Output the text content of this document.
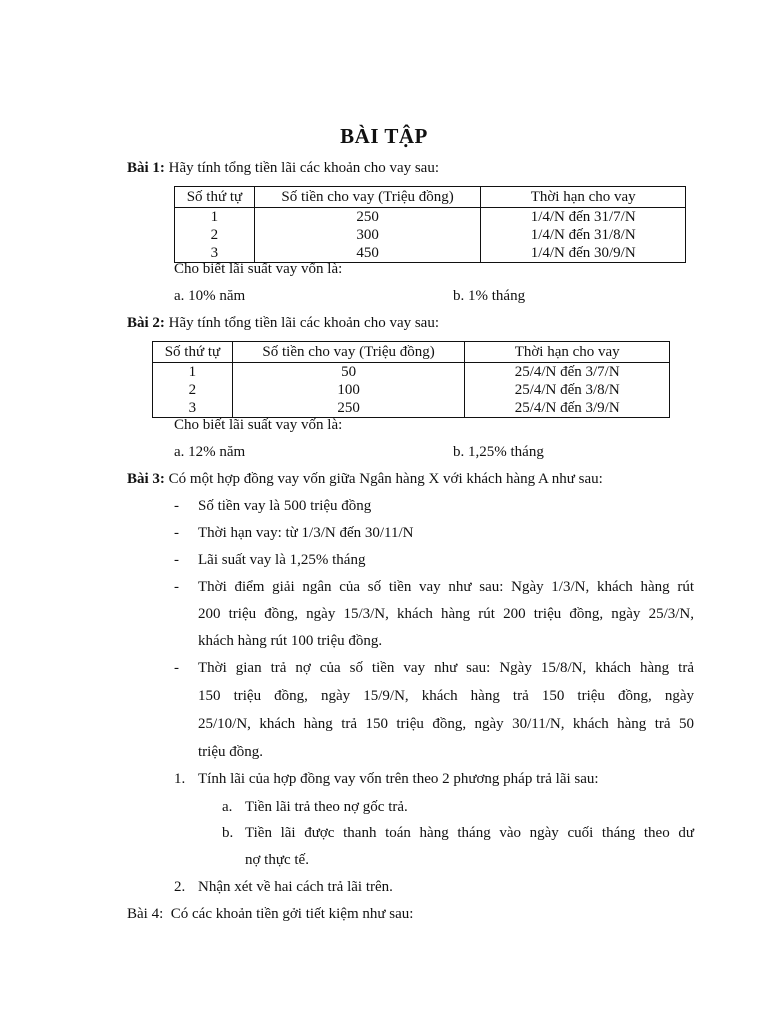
BÀI TẬP
Bài 1: Hãy tính tổng tiền lãi các khoản cho vay sau:
Số thứ tự	Số tiền cho vay (Triệu đồng)	Thời hạn cho vay
1	250	1/4/N đến 31/7/N
2	300	1/4/N đến 31/8/N
3	450	1/4/N đến 30/9/N
Cho biết lãi suất vay vốn là:
a. 10% năm	b. 1% tháng
Bài 2: Hãy tính tổng tiền lãi các khoản cho vay sau:
Số thứ tự	Số tiền cho vay (Triệu đồng)	Thời hạn cho vay
1	50	25/4/N đến 3/7/N
2	100	25/4/N đến 3/8/N
3	250	25/4/N đến 3/9/N
Cho biết lãi suất vay vốn là:
a. 12% năm	b. 1,25% tháng
Bài 3: Có một hợp đồng vay vốn giữa Ngân hàng X với khách hàng A như sau:
- Số tiền vay là 500 triệu đồng
- Thời hạn vay: từ 1/3/N đến 30/11/N
- Lãi suất vay là 1,25% tháng
- Thời điểm giải ngân của số tiền vay như sau: Ngày 1/3/N, khách hàng rút
200 triệu đồng, ngày 15/3/N, khách hàng rút 200 triệu đồng, ngày 25/3/N,
khách hàng rút 100 triệu đồng.
- Thời gian trả nợ của số tiền vay như sau: Ngày 15/8/N, khách hàng trả
150 triệu đồng, ngày 15/9/N, khách hàng trả 150 triệu đồng, ngày
25/10/N, khách hàng trả 150 triệu đồng, ngày 30/11/N, khách hàng trả 50
triệu đồng.
1. Tính lãi của hợp đồng vay vốn trên theo 2 phương pháp trả lãi sau:
a. Tiền lãi trả theo nợ gốc trả.
b. Tiền lãi được thanh toán hàng tháng vào ngày cuối tháng theo dư
nợ thực tế.
2. Nhận xét về hai cách trả lãi trên.
Bài 4: Có các khoản tiền gởi tiết kiệm như sau:
